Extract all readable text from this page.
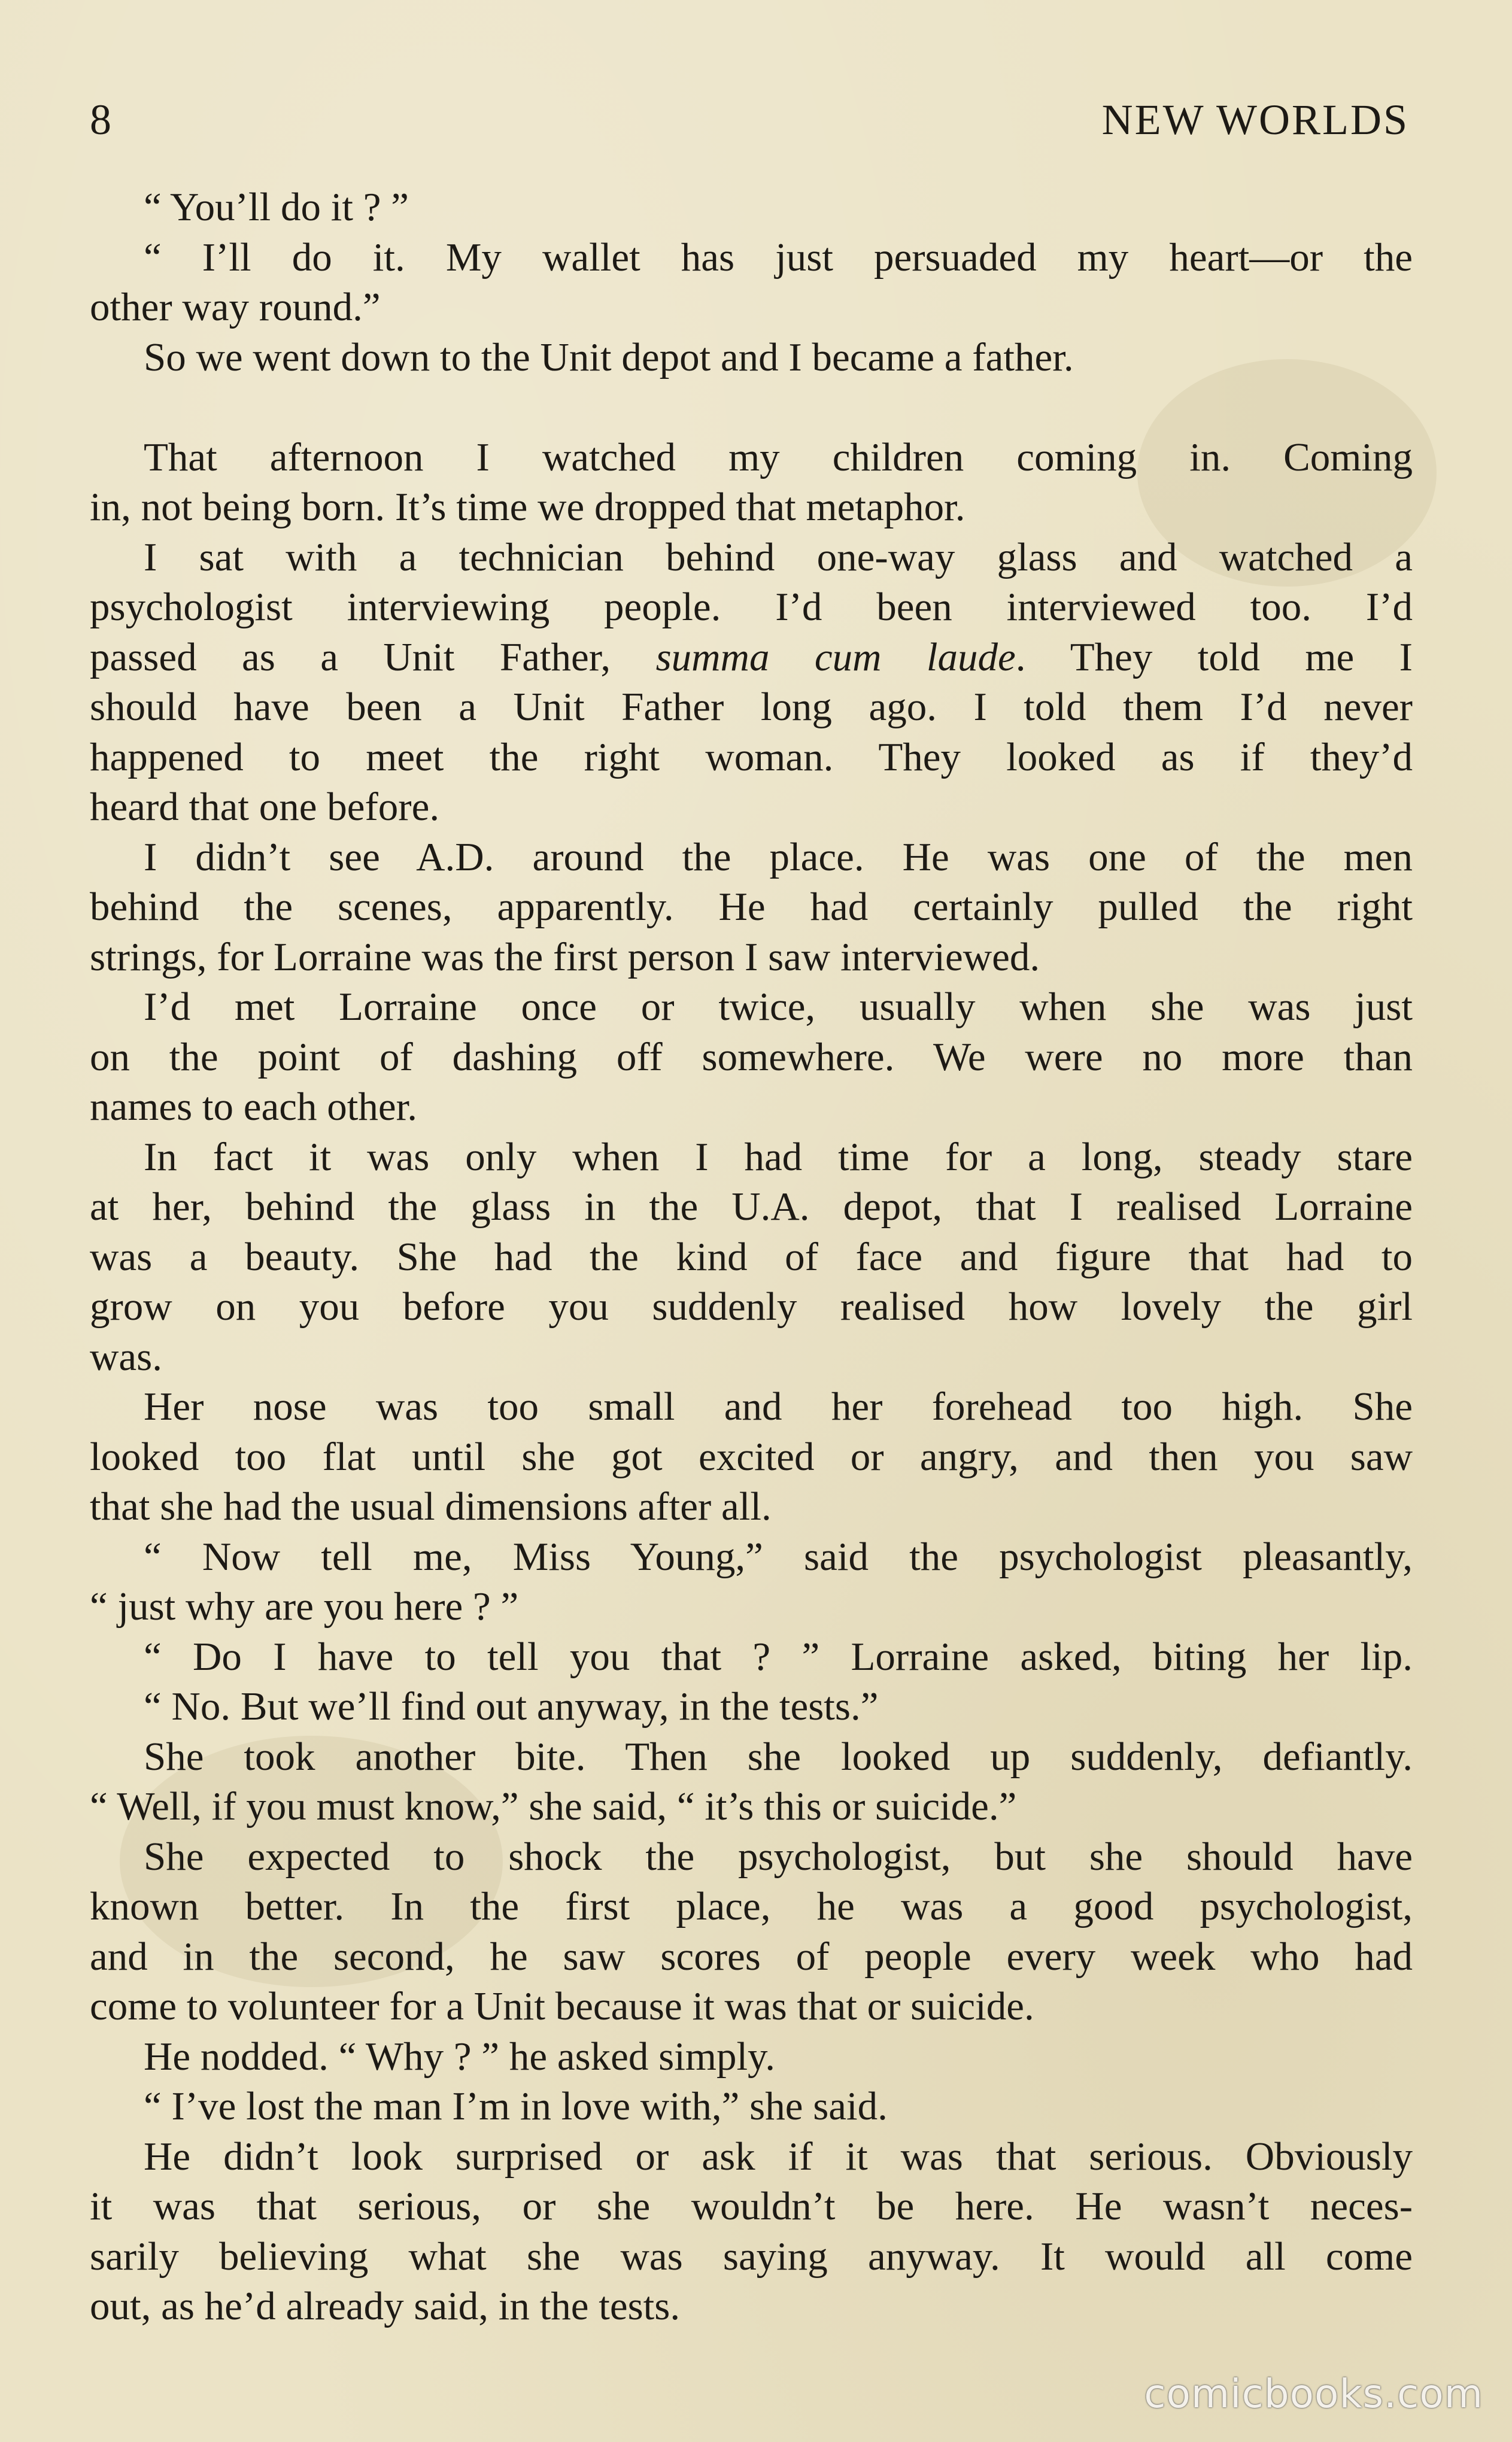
8	NEW WORLDS
“ You’ll do it ? ”
“ I’ll do it. My wallet has just persuaded my heart—or the
other way round.”
So we went down to the Unit depot and I became a father.
That afternoon I watched my children coming in. Coming
in, not being born. It’s time we dropped that metaphor.
I sat with a technician behind one-way glass and watched a
psychologist interviewing people. I’d been interviewed too. I’d
passed as a Unit Father, summa cum laude. They told me I
should have been a Unit Father long ago. I told them I’d never
happened to meet the right woman. They looked as if they’d
heard that one before.
I didn’t see A.D. around the place. He was one of the men
behind the scenes, apparently. He had certainly pulled the right
strings, for Lorraine was the first person I saw interviewed.
I’d met Lorraine once or twice, usually when she was just
on the point of dashing off somewhere. We were no more than
names to each other.
In fact it was only when I had time for a long, steady stare
at her, behind the glass in the U.A. depot, that I realised Lorraine
was a beauty. She had the kind of face and figure that had to
grow on you before you suddenly realised how lovely the girl
was.
Her nose was too small and her forehead too high. She
looked too flat until she got excited or angry, and then you saw
that she had the usual dimensions after all.
“ Now tell me, Miss Young,” said the psychologist pleasantly,
“ just why are you here ? ”
“ Do I have to tell you that ? ” Lorraine asked, biting her lip.
“ No. But we’ll find out anyway, in the tests.”
She took another bite. Then she looked up suddenly, defiantly.
“ Well, if you must know,” she said, “ it’s this or suicide.”
She expected to shock the psychologist, but she should have
known better. In the first place, he was a good psychologist,
and in the second, he saw scores of people every week who had
come to volunteer for a Unit because it was that or suicide.
He nodded. “ Why ? ” he asked simply.
“ I’ve lost the man I’m in love with,” she said.
He didn’t look surprised or ask if it was that serious. Obviously
it was that serious, or she wouldn’t be here. He wasn’t neces-
sarily believing what she was saying anyway. It would all come
out, as he’d already said, in the tests.
comicbooks.com
